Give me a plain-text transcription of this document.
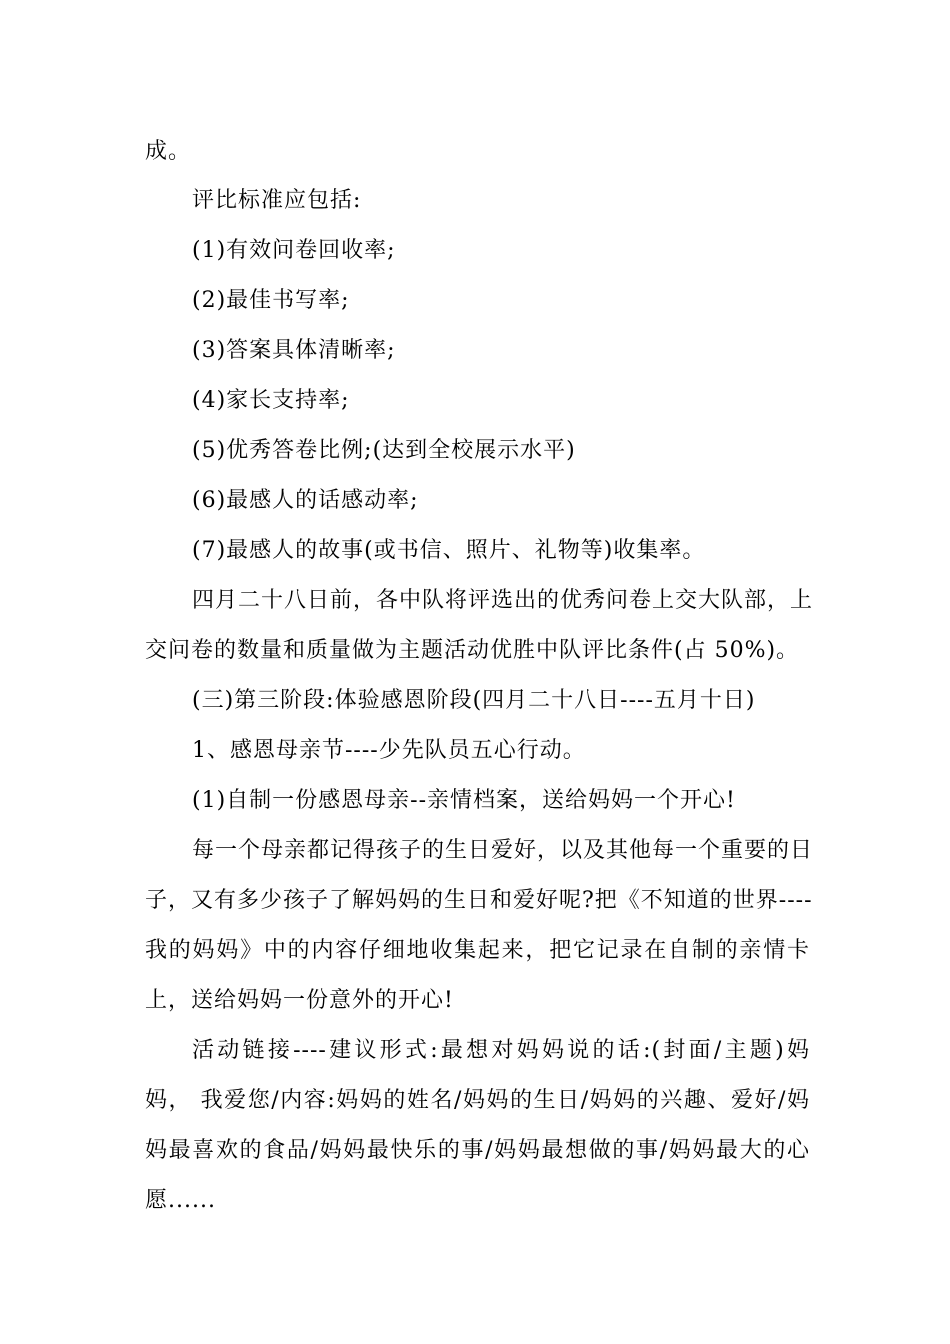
成。
评比标准应包括:
(1)有效问卷回收率;
(2)最佳书写率;
(3)答案具体清晰率;
(4)家长支持率;
(5)优秀答卷比例;(达到全校展示水平)
(6)最感人的话感动率;
(7)最感人的故事(或书信、照片、礼物等)收集率。
四月二十八日前，各中队将评选出的优秀问卷上交大队部，上
交问卷的数量和质量做为主题活动优胜中队评比条件(占 50%)。
(三)第三阶段:体验感恩阶段(四月二十八日----五月十日)
1、感恩母亲节----少先队员五心行动。
(1)自制一份感恩母亲--亲情档案，送给妈妈一个开心!
每一个母亲都记得孩子的生日爱好，以及其他每一个重要的日
子，又有多少孩子了解妈妈的生日和爱好呢?把《不知道的世界----
我的妈妈》中的内容仔细地收集起来，把它记录在自制的亲情卡
上，送给妈妈一份意外的开心!
活动链接----建议形式:最想对妈妈说的话:(封面/主题)妈
妈， 我爱您/内容:妈妈的姓名/妈妈的生日/妈妈的兴趣、爱好/妈
妈最喜欢的食品/妈妈最快乐的事/妈妈最想做的事/妈妈最大的心
愿......
